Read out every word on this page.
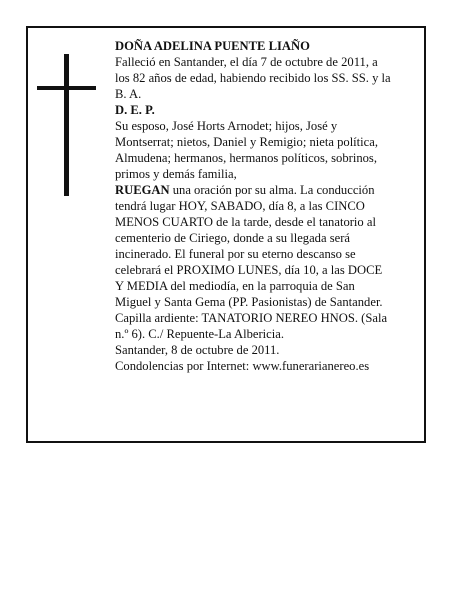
DOÑA ADELINA PUENTE LIAÑO

Falleció en Santander, el día 7 de octubre de 2011, a los 82 años de edad, habiendo recibido los SS. SS. y la B. A.

D. E. P.

Su esposo, José Horts Arnodet; hijos, José y Montserrat; nietos, Daniel y Remigio; nieta política, Almudena; hermanos, hermanos políticos, sobrinos, primos y demás familia,

RUEGAN una oración por su alma. La conducción tendrá lugar HOY, SABADO, día 8, a las CINCO MENOS CUARTO de la tarde, desde el tanatorio al cementerio de Ciriego, donde a su llegada será incinerado. El funeral por su eterno descanso se celebrará el PROXIMO LUNES, día 10, a las DOCE Y MEDIA del mediodía, en la parroquia de San Miguel y Santa Gema (PP. Pasionistas) de Santander.

Capilla ardiente: TANATORIO NEREO HNOS. (Sala n.º 6). C./ Repuente-La Albericia.

Santander, 8 de octubre de 2011.

Condolencias por Internet: www.funerarianereo.es
